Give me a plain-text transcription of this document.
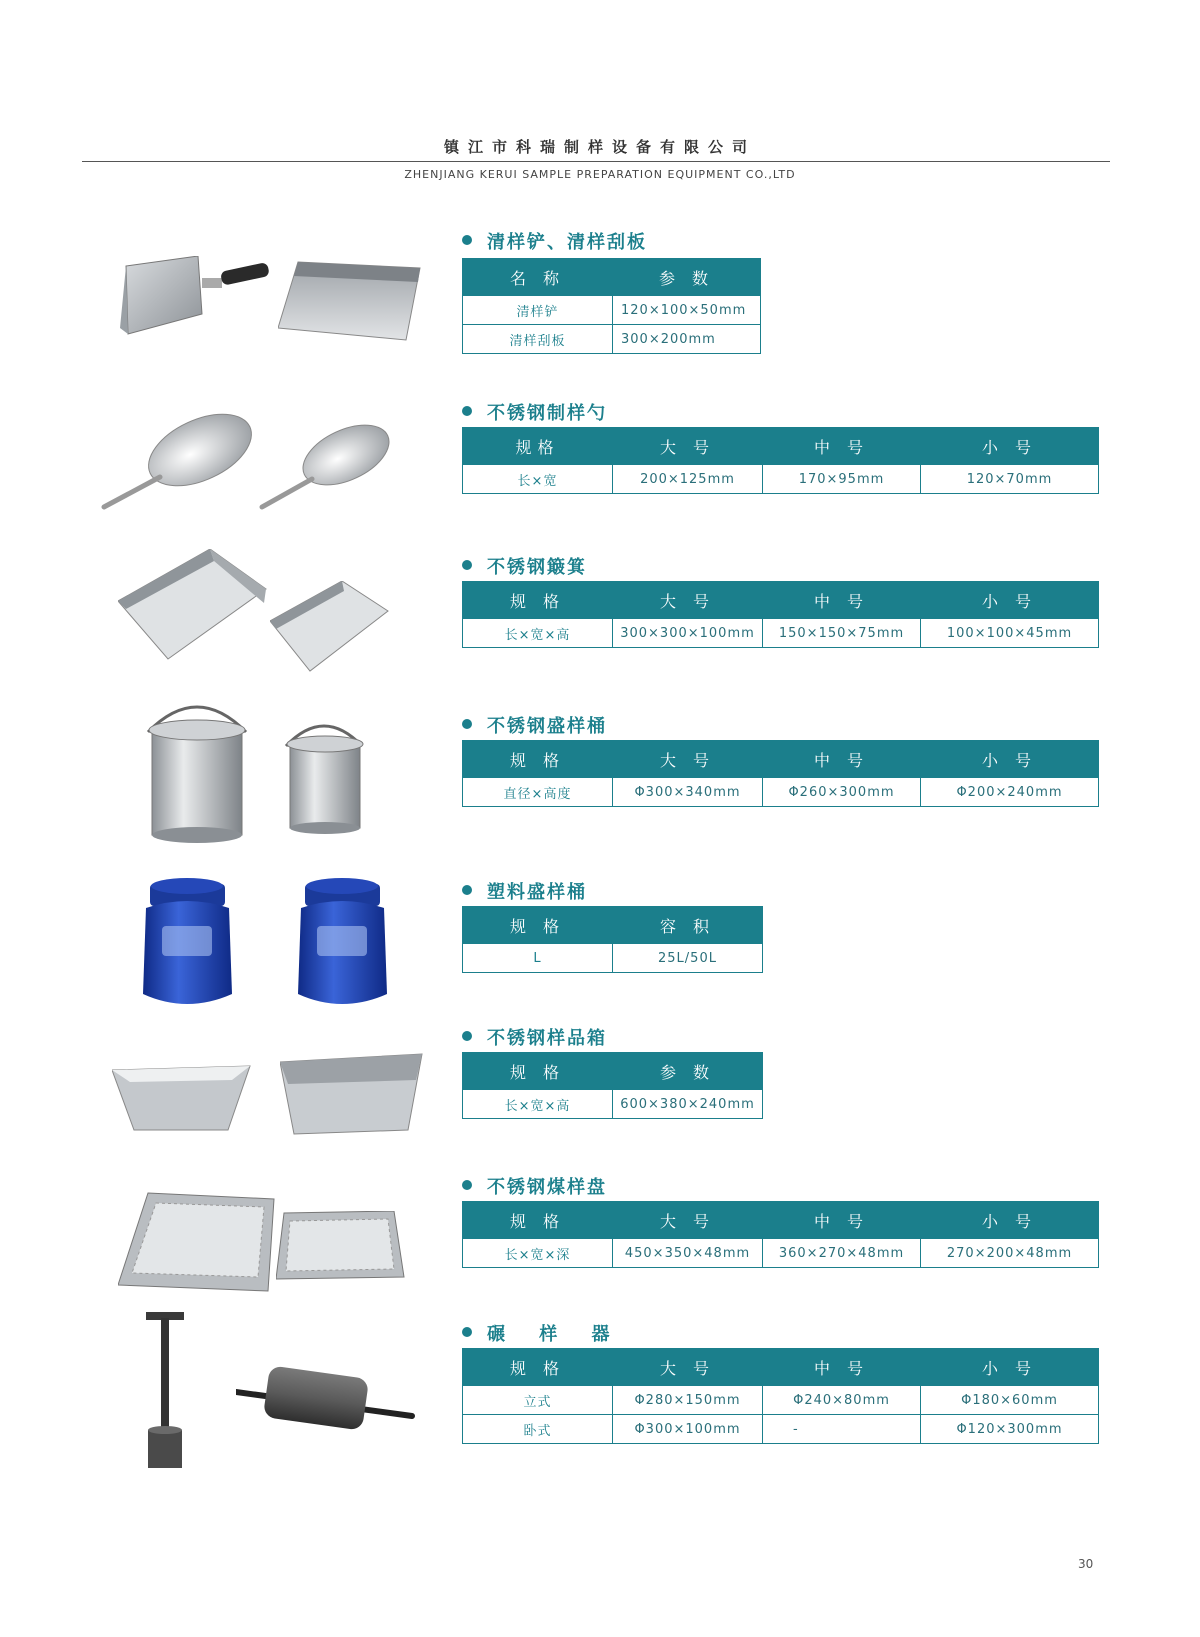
镇江市科瑞制样设备有限公司
ZHENJIANG KERUI SAMPLE PREPARATION EQUIPMENT CO.,LTD
清样铲、清样刮板
名 称	参 数
清样铲	120×100×50mm
清样刮板	300×200mm
不锈钢制样勺
规格	大 号	中 号	小 号
长×宽	200×125mm	170×95mm	120×70mm
不锈钢簸箕
规 格	大 号	中 号	小 号
长×宽×高	300×300×100mm	150×150×75mm	100×100×45mm
不锈钢盛样桶
规 格	大 号	中 号	小 号
直径×高度	Φ300×340mm	Φ260×300mm	Φ200×240mm
塑料盛样桶
规 格	容 积
L	25L/50L
不锈钢样品箱
规 格	参 数
长×宽×高	600×380×240mm
不锈钢煤样盘
规 格	大 号	中 号	小 号
长×宽×深	450×350×48mm	360×270×48mm	270×200×48mm
碾 样 器
规 格	大 号	中 号	小 号
立式	Φ280×150mm	Φ240×80mm	Φ180×60mm
卧式	Φ300×100mm	-	Φ120×300mm
30
